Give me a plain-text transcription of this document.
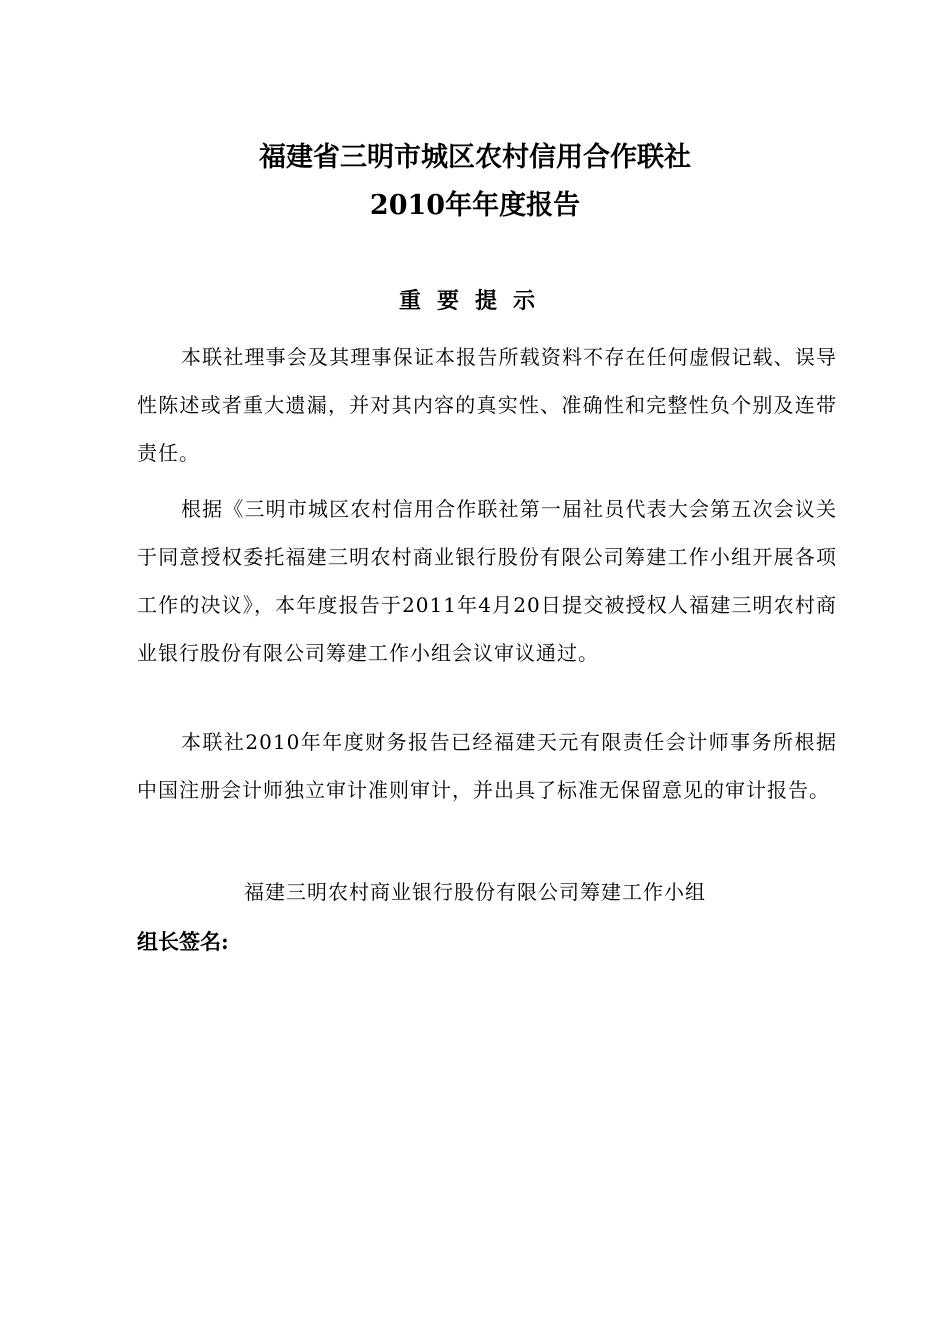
福建省三明市城区农村信用合作联社
2010年年度报告
重要提示
本联社理事会及其理事保证本报告所载资料不存在任何虚假记载、误导性陈述或者重大遗漏，并对其内容的真实性、准确性和完整性负个别及连带责任。
根据《三明市城区农村信用合作联社第一届社员代表大会第五次会议关于同意授权委托福建三明农村商业银行股份有限公司筹建工作小组开展各项工作的决议》，本年度报告于2011年4月20日提交被授权人福建三明农村商业银行股份有限公司筹建工作小组会议审议通过。
本联社2010年年度财务报告已经福建天元有限责任会计师事务所根据中国注册会计师独立审计准则审计，并出具了标准无保留意见的审计报告。
福建三明农村商业银行股份有限公司筹建工作小组
组长签名:
